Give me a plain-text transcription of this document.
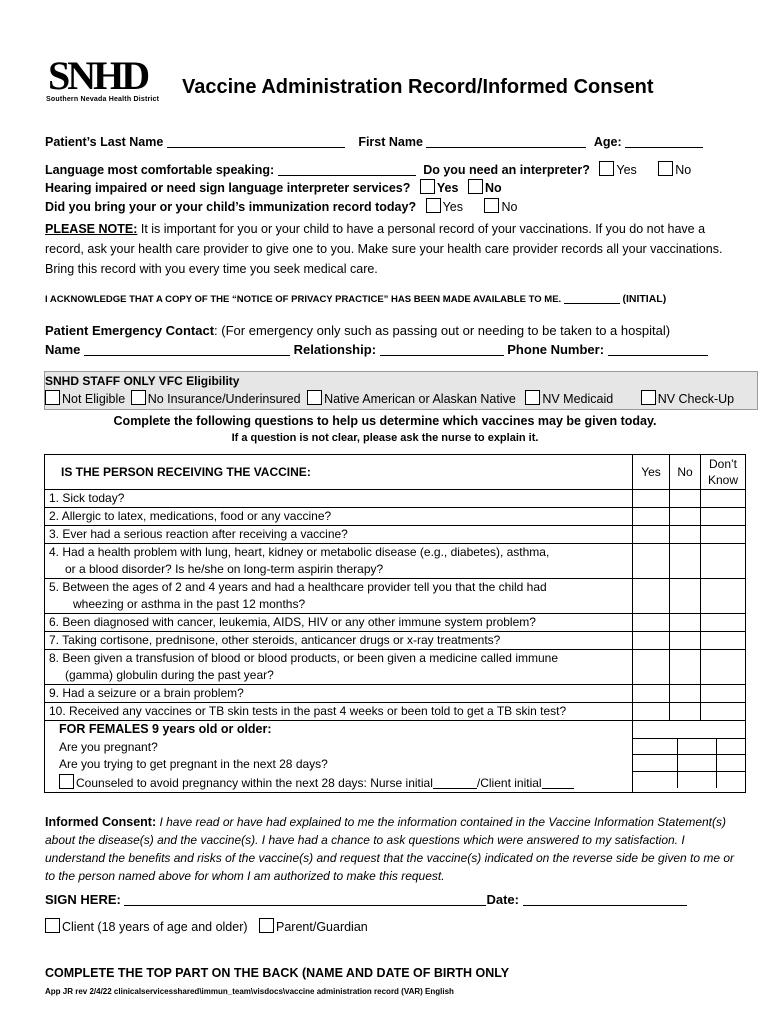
SNHD
Southern Nevada Health District
Vaccine Administration Record/Informed Consent
Patient’s Last Name	First Name	Age:
Language most comfortable speaking:	Do you need an interpreter? Yes	No
Hearing impaired or need sign language interpreter services? Yes No
Did you bring your or your child’s immunization record today? Yes	No
PLEASE NOTE: It is important for you or your child to have a personal record of your vaccinations. If you do not have a record, ask your health care provider to give one to you. Make sure your health care provider records all your vaccinations. Bring this record with you every time you seek medical care.
I ACKNOWLEDGE THAT A COPY OF THE “NOTICE OF PRIVACY PRACTICE” HAS BEEN MADE AVAILABLE TO ME.	(INITIAL)
Patient Emergency Contact: (For emergency only such as passing out or needing to be taken to a hospital)
Name	Relationship:	Phone Number:
SNHD STAFF ONLY VFC Eligibility
Not Eligible No Insurance/Underinsured Native American or Alaskan Native NV Medicaid	NV Check-Up
Complete the following questions to help us determine which vaccines may be given today.
If a question is not clear, please ask the nurse to explain it.
IS THE PERSON RECEIVING THE VACCINE:	Yes	No	Don’t
Know
1. Sick today?			
2. Allergic to latex, medications, food or any vaccine?			
3. Ever had a serious reaction after receiving a vaccine?			
4. Had a health problem with lung, heart, kidney or metabolic disease (e.g., diabetes), asthma,
or a blood disorder? Is he/she on long-term aspirin therapy?			
5. Between the ages of 2 and 4 years and had a healthcare provider tell you that the child had
wheezing or asthma in the past 12 months?			
6. Been diagnosed with cancer, leukemia, AIDS, HIV or any other immune system problem?			
7. Taking cortisone, prednisone, other steroids, anticancer drugs or x-ray treatments?			
8. Been given a transfusion of blood or blood products, or been given a medicine called immune
(gamma) globulin during the past year?			
9. Had a seizure or a brain problem?			
10. Received any vaccines or TB skin tests in the past 4 weeks or been told to get a TB skin test?			
FOR FEMALES 9 years old or older:
Are you pregnant?
Are you trying to get pregnant in the next 28 days?
Counseled to avoid pregnancy within the next 28 days: Nurse initial	/Client initial	

Informed Consent: I have read or have had explained to me the information contained in the Vaccine Information Statement(s) about the disease(s) and the vaccine(s). I have had a chance to ask questions which were answered to my satisfaction. I understand the benefits and risks of the vaccine(s) and request that the vaccine(s) indicated on the reverse side be given to me or to the person named above for whom I am authorized to make this request.
SIGN HERE:	Date:
Client (18 years of age and older) Parent/Guardian
COMPLETE THE TOP PART ON THE BACK (NAME AND DATE OF BIRTH ONLY
App JR rev 2/4/22 clinicalservicesshared\immun_team\visdocs\vaccine administration record (VAR) English
